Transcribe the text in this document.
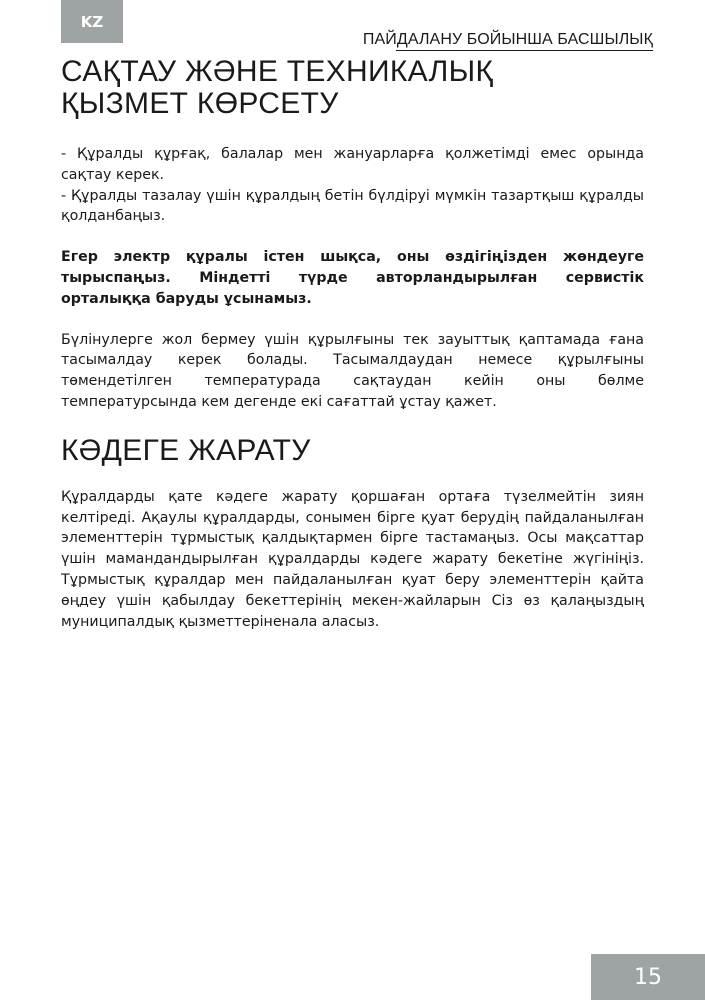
KZ
ПАЙДАЛАНУ БОЙЫНША БАСШЫЛЫҚ
САҚТАУ ЖӘНЕ ТЕХНИКАЛЫҚ
ҚЫЗМЕТ КӨРСЕТУ

- Құралды құрғақ, балалар мен жануарларға қолжетімді емес орында сақтау керек.

- Құралды тазалау үшін құралдың бетін бүлдіруі мүмкін тазартқыш құралды қолданбаңыз.

Егер электр құралы істен шықса, оны өздігіңізден жөндеуге тырыспаңыз. Міндетті түрде авторландырылған сервистік орталыққа баруды ұсынамыз.

Бүлінулерге жол бермеу үшін құрылғыны тек зауыттық қаптамада ғана тасымалдау керек болады. Тасымалдаудан немесе құрылғыны төмендетілген температурада сақтаудан кейін оны бөлме температурсында кем дегенде екі сағаттай ұстау қажет.

КӘДЕГЕ ЖАРАТУ

Құралдарды қате кәдеге жарату қоршаған ортаға түзелмейтін зиян келтіреді. Ақаулы құралдарды, сонымен бірге қуат берудің пайдаланылған элементтерін тұрмыстық қалдықтармен бірге тастамаңыз. Осы мақсаттар үшін мамандандырылған құралдарды кәдеге жарату бекетіне жүгініңіз. Тұрмыстық құралдар мен пайдаланылған қуат беру элементтерін қайта өңдеу үшін қабылдау бекеттерінің мекен-жайларын Сіз өз қалаңыздың муниципалдық қызметтеріненала аласыз.

15
